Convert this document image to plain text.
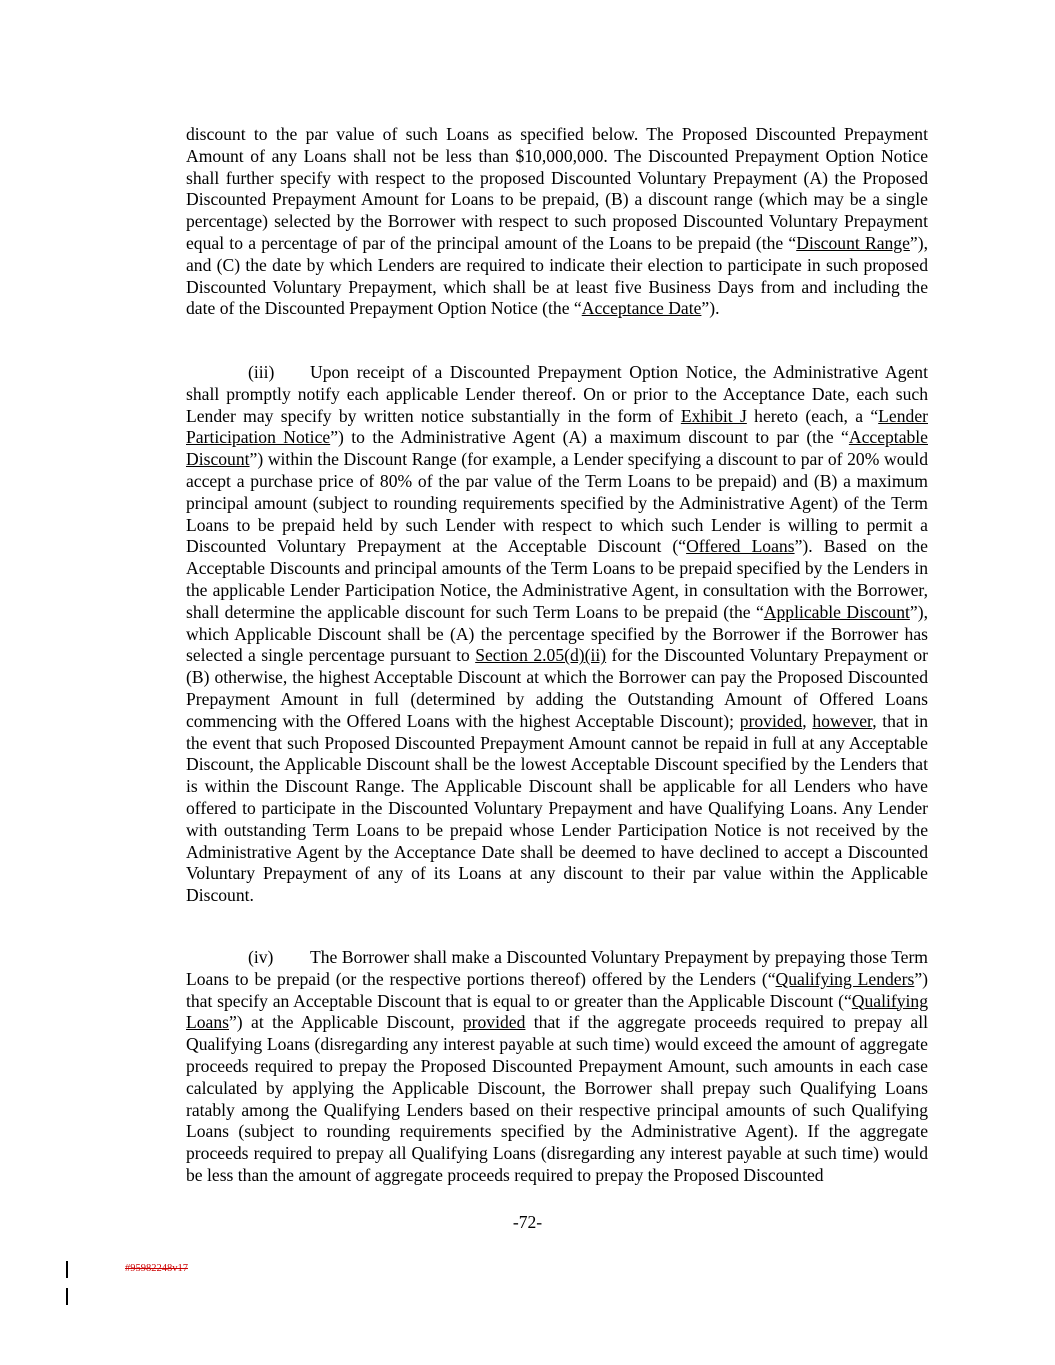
discount to the par value of such Loans as specified below. The Proposed Discounted Prepayment Amount of any Loans shall not be less than $10,000,000. The Discounted Prepayment Option Notice shall further specify with respect to the proposed Discounted Voluntary Prepayment (A) the Proposed Discounted Prepayment Amount for Loans to be prepaid, (B) a discount range (which may be a single percentage) selected by the Borrower with respect to such proposed Discounted Voluntary Prepayment equal to a percentage of par of the principal amount of the Loans to be prepaid (the “Discount Range”), and (C) the date by which Lenders are required to indicate their election to participate in such proposed Discounted Voluntary Prepayment, which shall be at least five Business Days from and including the date of the Discounted Prepayment Option Notice (the “Acceptance Date”).

(iii) Upon receipt of a Discounted Prepayment Option Notice, the Administrative Agent shall promptly notify each applicable Lender thereof. On or prior to the Acceptance Date, each such Lender may specify by written notice substantially in the form of Exhibit J hereto (each, a “Lender Participation Notice”) to the Administrative Agent (A) a maximum discount to par (the “Acceptable Discount”) within the Discount Range (for example, a Lender specifying a discount to par of 20% would accept a purchase price of 80% of the par value of the Term Loans to be prepaid) and (B) a maximum principal amount (subject to rounding requirements specified by the Administrative Agent) of the Term Loans to be prepaid held by such Lender with respect to which such Lender is willing to permit a Discounted Voluntary Prepayment at the Acceptable Discount (“Offered Loans”). Based on the Acceptable Discounts and principal amounts of the Term Loans to be prepaid specified by the Lenders in the applicable Lender Participation Notice, the Administrative Agent, in consultation with the Borrower, shall determine the applicable discount for such Term Loans to be prepaid (the “Applicable Discount”), which Applicable Discount shall be (A) the percentage specified by the Borrower if the Borrower has selected a single percentage pursuant to Section 2.05(d)(ii) for the Discounted Voluntary Prepayment or (B) otherwise, the highest Acceptable Discount at which the Borrower can pay the Proposed Discounted Prepayment Amount in full (determined by adding the Outstanding Amount of Offered Loans commencing with the Offered Loans with the highest Acceptable Discount); provided, however, that in the event that such Proposed Discounted Prepayment Amount cannot be repaid in full at any Acceptable Discount, the Applicable Discount shall be the lowest Acceptable Discount specified by the Lenders that is within the Discount Range. The Applicable Discount shall be applicable for all Lenders who have offered to participate in the Discounted Voluntary Prepayment and have Qualifying Loans. Any Lender with outstanding Term Loans to be prepaid whose Lender Participation Notice is not received by the Administrative Agent by the Acceptance Date shall be deemed to have declined to accept a Discounted Voluntary Prepayment of any of its Loans at any discount to their par value within the Applicable Discount.

(iv) The Borrower shall make a Discounted Voluntary Prepayment by prepaying those Term Loans to be prepaid (or the respective portions thereof) offered by the Lenders (“Qualifying Lenders”) that specify an Acceptable Discount that is equal to or greater than the Applicable Discount (“Qualifying Loans”) at the Applicable Discount, provided that if the aggregate proceeds required to prepay all Qualifying Loans (disregarding any interest payable at such time) would exceed the amount of aggregate proceeds required to prepay the Proposed Discounted Prepayment Amount, such amounts in each case calculated by applying the Applicable Discount, the Borrower shall prepay such Qualifying Loans ratably among the Qualifying Lenders based on their respective principal amounts of such Qualifying Loans (subject to rounding requirements specified by the Administrative Agent). If the aggregate proceeds required to prepay all Qualifying Loans (disregarding any interest payable at such time) would be less than the amount of aggregate proceeds required to prepay the Proposed Discounted

-72-
#95982248v17
